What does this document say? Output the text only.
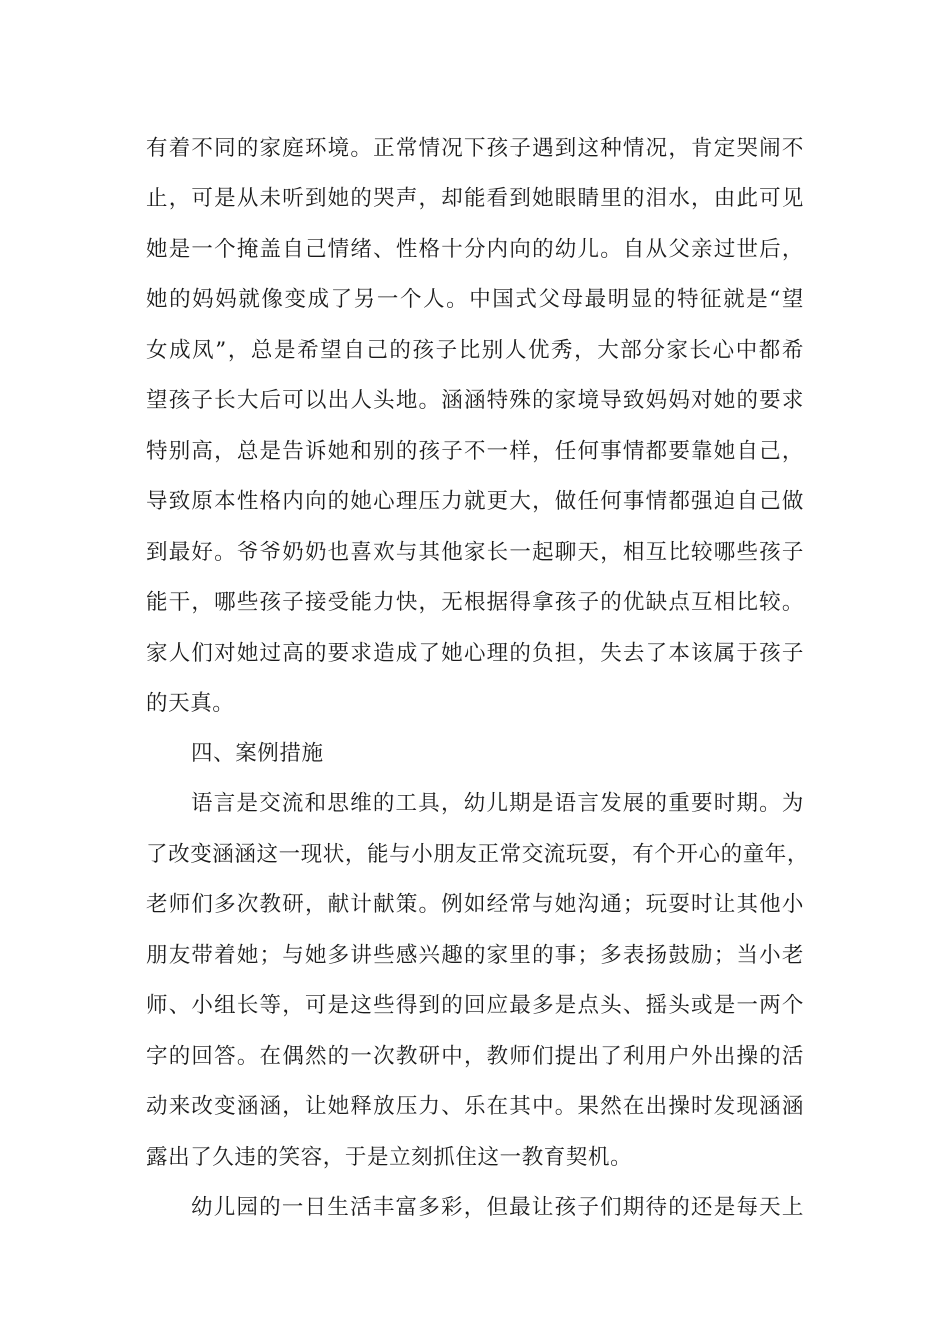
有着不同的家庭环境。正常情况下孩子遇到这种情况，肯定哭闹不
止，可是从未听到她的哭声，却能看到她眼睛里的泪水，由此可见
她是一个掩盖自己情绪、性格十分内向的幼儿。自从父亲过世后，
她的妈妈就像变成了另一个人。中国式父母最明显的特征就是“望
女成凤”，总是希望自己的孩子比别人优秀，大部分家长心中都希
望孩子长大后可以出人头地。涵涵特殊的家境导致妈妈对她的要求
特别高，总是告诉她和别的孩子不一样，任何事情都要靠她自己，
导致原本性格内向的她心理压力就更大，做任何事情都强迫自己做
到最好。爷爷奶奶也喜欢与其他家长一起聊天，相互比较哪些孩子
能干，哪些孩子接受能力快，无根据得拿孩子的优缺点互相比较。
家人们对她过高的要求造成了她心理的负担，失去了本该属于孩子
的天真。
四、案例措施
语言是交流和思维的工具，幼儿期是语言发展的重要时期。为
了改变涵涵这一现状，能与小朋友正常交流玩耍，有个开心的童年，
老师们多次教研，献计献策。例如经常与她沟通；玩耍时让其他小
朋友带着她；与她多讲些感兴趣的家里的事；多表扬鼓励；当小老
师、小组长等，可是这些得到的回应最多是点头、摇头或是一两个
字的回答。在偶然的一次教研中，教师们提出了利用户外出操的活
动来改变涵涵，让她释放压力、乐在其中。果然在出操时发现涵涵
露出了久违的笑容，于是立刻抓住这一教育契机。
幼儿园的一日生活丰富多彩，但最让孩子们期待的还是每天上
